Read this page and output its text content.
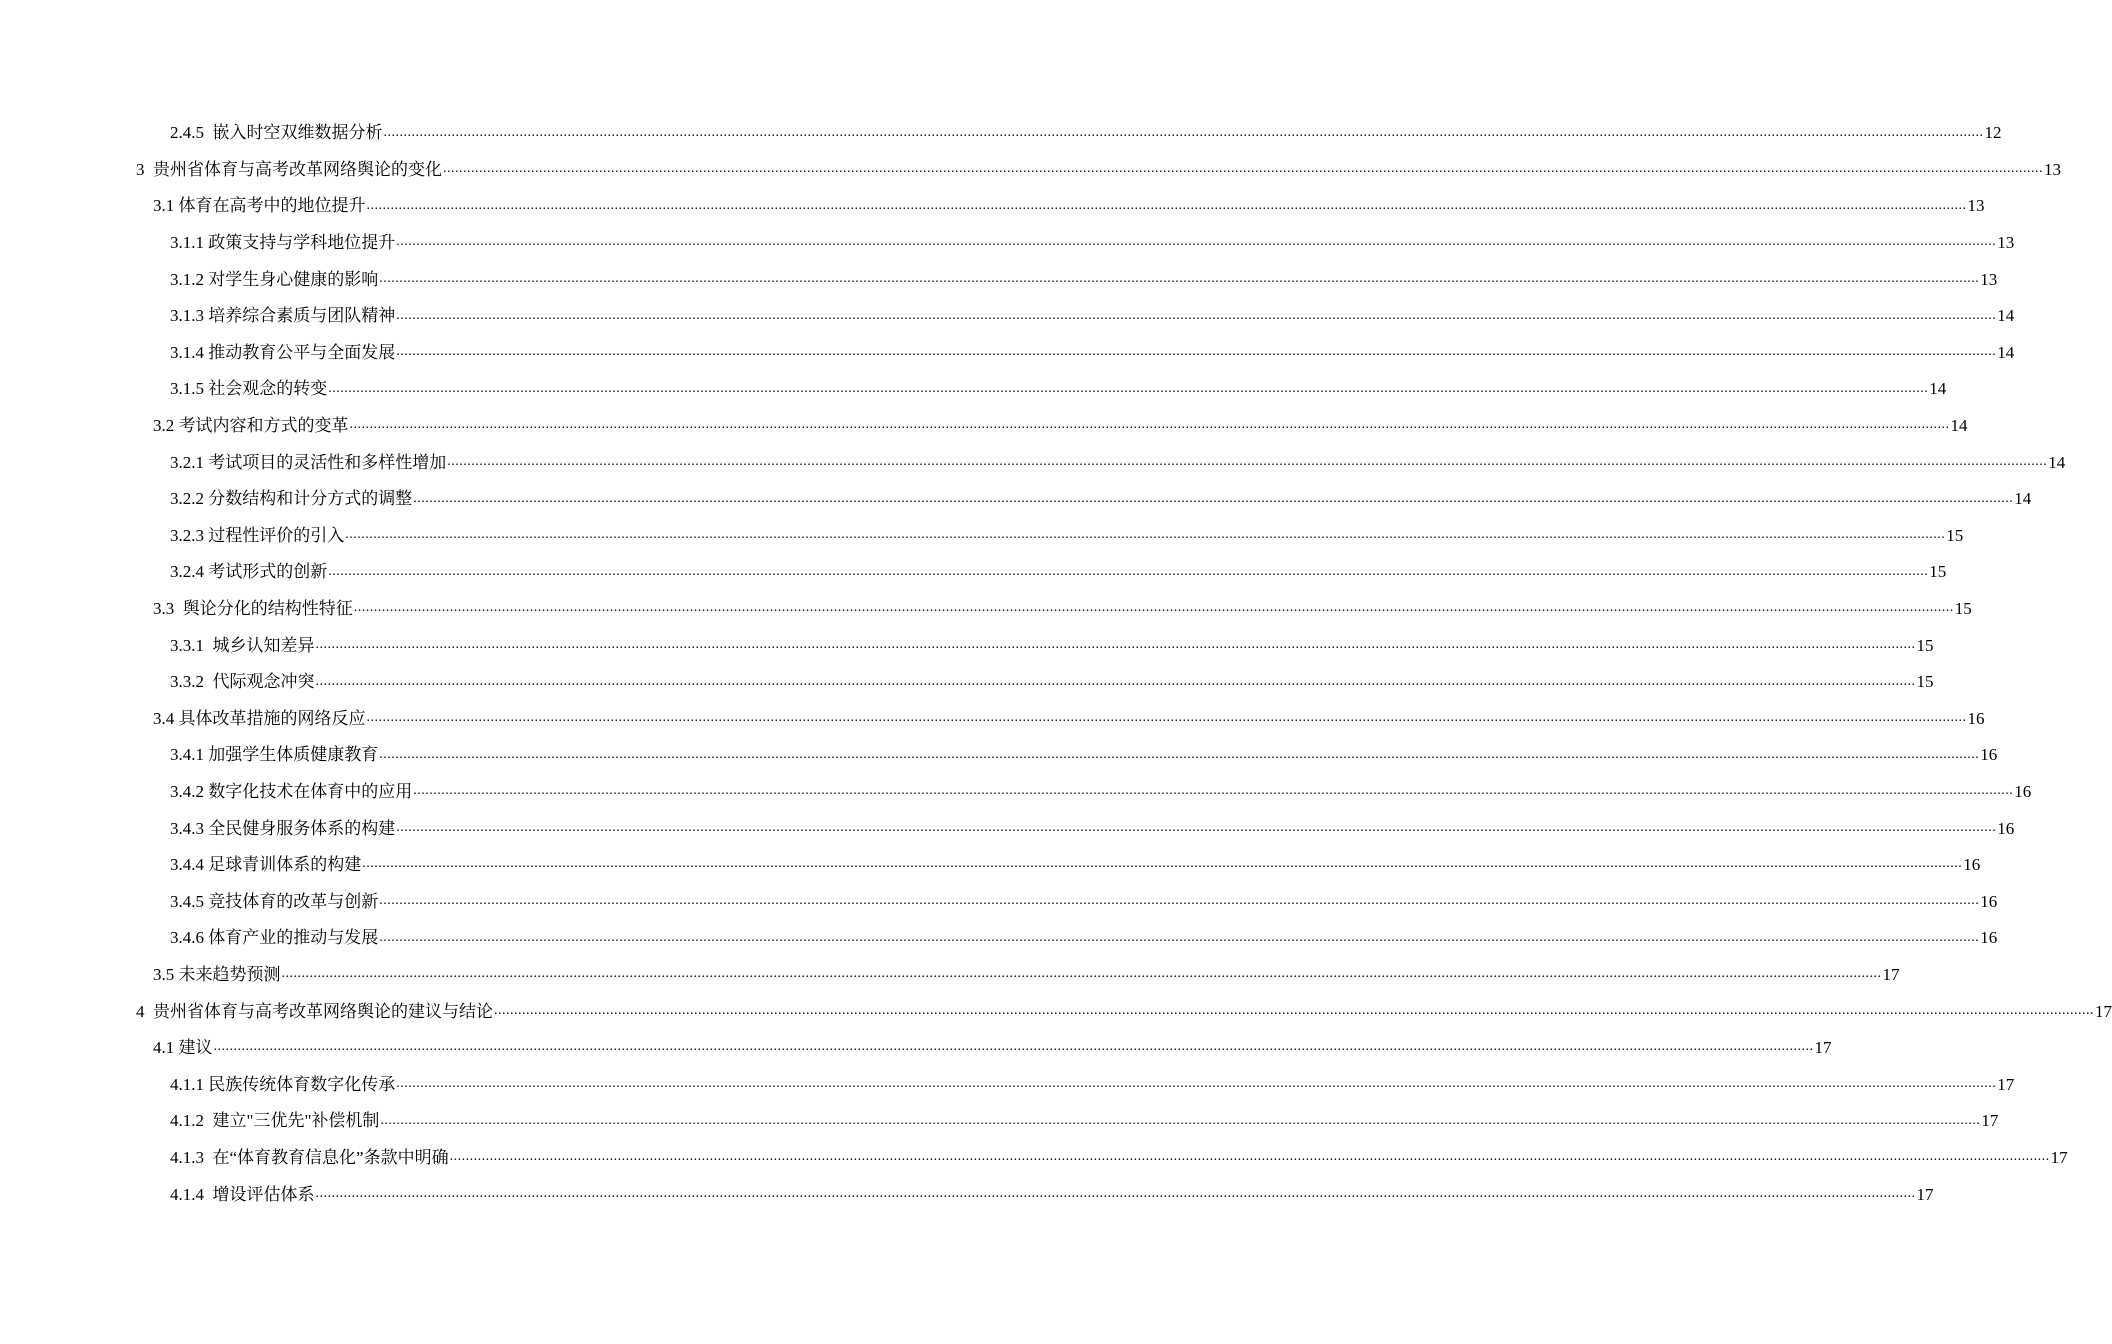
2.4.5  嵌入时空双维数据分析 ................................................................................................................................................................................................................................................................................................................................................................................................................ 12
3  贵州省体育与高考改革网络舆论的变化 ................................................................................................................................................................................................................................................................................................................................................................................................................ 13
3.1 体育在高考中的地位提升 ................................................................................................................................................................................................................................................................................................................................................................................................................ 13
3.1.1 政策支持与学科地位提升 ................................................................................................................................................................................................................................................................................................................................................................................................................ 13
3.1.2 对学生身心健康的影响 ................................................................................................................................................................................................................................................................................................................................................................................................................ 13
3.1.3 培养综合素质与团队精神 ................................................................................................................................................................................................................................................................................................................................................................................................................ 14
3.1.4 推动教育公平与全面发展 ................................................................................................................................................................................................................................................................................................................................................................................................................ 14
3.1.5 社会观念的转变 ................................................................................................................................................................................................................................................................................................................................................................................................................ 14
3.2 考试内容和方式的变革 ................................................................................................................................................................................................................................................................................................................................................................................................................ 14
3.2.1 考试项目的灵活性和多样性增加 ................................................................................................................................................................................................................................................................................................................................................................................................................ 14
3.2.2 分数结构和计分方式的调整 ................................................................................................................................................................................................................................................................................................................................................................................................................ 14
3.2.3 过程性评价的引入 ................................................................................................................................................................................................................................................................................................................................................................................................................ 15
3.2.4 考试形式的创新 ................................................................................................................................................................................................................................................................................................................................................................................................................ 15
3.3  舆论分化的结构性特征 ................................................................................................................................................................................................................................................................................................................................................................................................................ 15
3.3.1  城乡认知差异 ................................................................................................................................................................................................................................................................................................................................................................................................................ 15
3.3.2  代际观念冲突 ................................................................................................................................................................................................................................................................................................................................................................................................................ 15
3.4 具体改革措施的网络反应 ................................................................................................................................................................................................................................................................................................................................................................................................................ 16
3.4.1 加强学生体质健康教育 ................................................................................................................................................................................................................................................................................................................................................................................................................ 16
3.4.2 数字化技术在体育中的应用 ................................................................................................................................................................................................................................................................................................................................................................................................................ 16
3.4.3 全民健身服务体系的构建 ................................................................................................................................................................................................................................................................................................................................................................................................................ 16
3.4.4 足球青训体系的构建 ................................................................................................................................................................................................................................................................................................................................................................................................................ 16
3.4.5 竞技体育的改革与创新 ................................................................................................................................................................................................................................................................................................................................................................................................................ 16
3.4.6 体育产业的推动与发展 ................................................................................................................................................................................................................................................................................................................................................................................................................ 16
3.5 未来趋势预测 ................................................................................................................................................................................................................................................................................................................................................................................................................ 17
4  贵州省体育与高考改革网络舆论的建议与结论 ................................................................................................................................................................................................................................................................................................................................................................................................................ 17
4.1 建议 ................................................................................................................................................................................................................................................................................................................................................................................................................ 17
4.1.1 民族传统体育数字化传承 ................................................................................................................................................................................................................................................................................................................................................................................................................ 17
4.1.2  建立"三优先"补偿机制 ................................................................................................................................................................................................................................................................................................................................................................................................................ 17
4.1.3  在“体育教育信息化”条款中明确 ................................................................................................................................................................................................................................................................................................................................................................................................................ 17
4.1.4  增设评估体系 ................................................................................................................................................................................................................................................................................................................................................................................................................ 17
